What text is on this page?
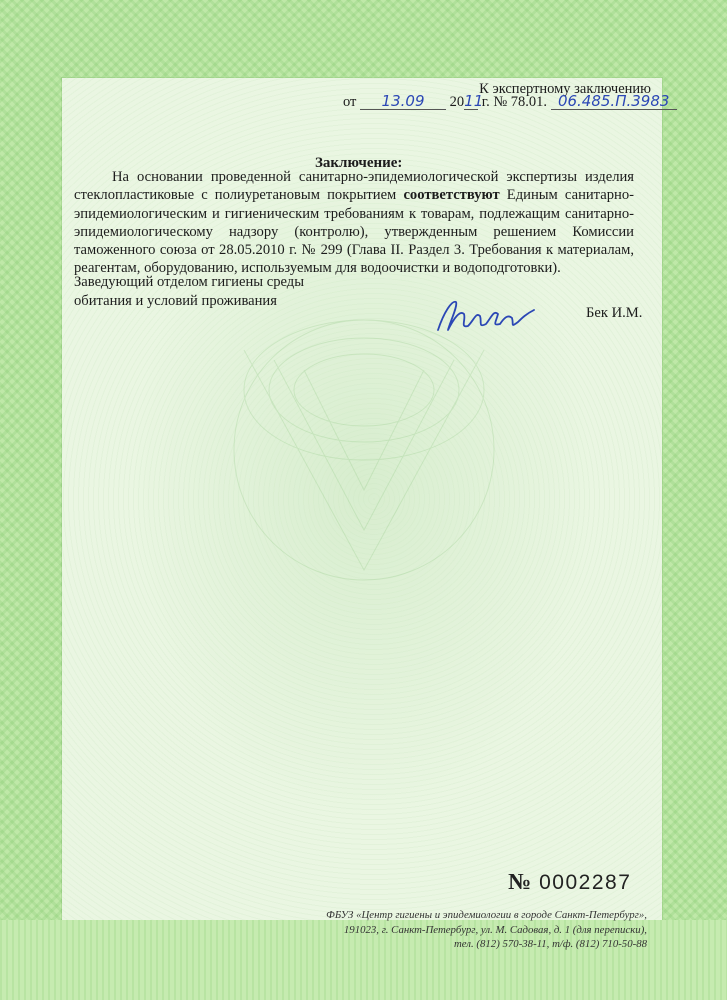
К экспертному заключению
от 13.09 2011 г. № 78.01. 06.485.П.3983
Заключение:

На основании проведенной санитарно-эпидемиологической экспертизы изделия стеклопластиковые с полиуретановым покрытием соответствуют Единым санитарно-эпидемиологическим и гигиеническим требованиям к товарам, подлежащим санитарно-эпидемиологическому надзору (контролю), утвержденным решением Комиссии таможенного союза от 28.05.2010 г. № 299 (Глава II. Раздел 3. Требования к материалам, реагентам, оборудованию, используемым для водоочистки и водоподготовки).

Заведующий отделом гигиены среды
обитания и условий проживания
Бек И.М.
№ 0002287
ФБУЗ «Центр гигиены и эпидемиологии в городе Санкт-Петербург»,
191023, г. Санкт-Петербург, ул. М. Садовая, д. 1 (для переписки),
тел. (812) 570-38-11, т/ф. (812) 710-50-88
